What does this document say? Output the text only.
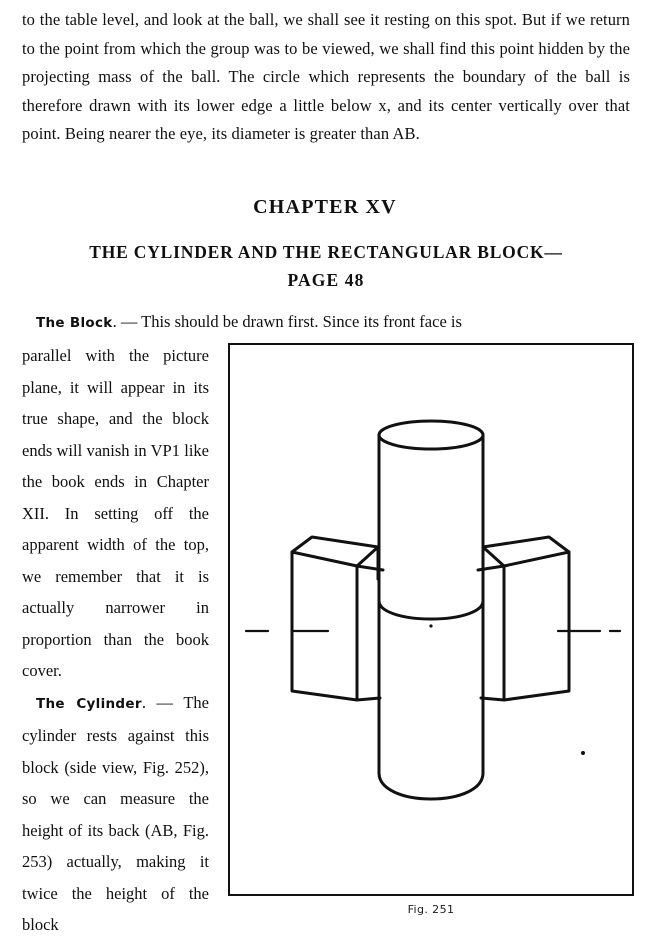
to the table level, and look at the ball, we shall see it resting on this spot. But if we return to the point from which the group was to be viewed, we shall find this point hidden by the projecting mass of the ball. The circle which represents the boundary of the ball is therefore drawn with its lower edge a little below x, and its center vertically over that point. Being nearer the eye, its diameter is greater than AB.

CHAPTER XV
THE CYLINDER AND THE RECTANGULAR BLOCK—
PAGE 48
The Block. — This should be drawn first. Since its front face is

parallel with the picture plane, it will appear in its true shape, and the block ends will vanish in VP1 like the book ends in Chapter XII. In setting off the apparent width of the top, we remember that it is actually narrower in proportion than the book cover.

The Cylinder. — The cylinder rests against this block (side view, Fig. 252), so we can measure the height of its back (AB, Fig. 253) actually, making it twice the height of the block

Fig. 251
